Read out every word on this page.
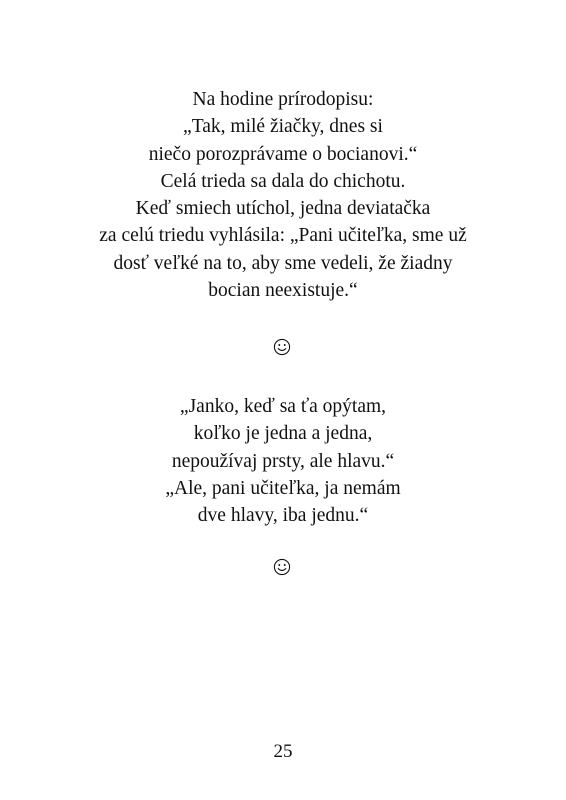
Na hodine prírodopisu:
„Tak, milé žiačky, dnes si
niečo porozprávame o bocianovi.“
Celá trieda sa dala do chichotu.
Keď smiech utíchol, jedna deviatačka
za celú triedu vyhlásila: „Pani učiteľka, sme už
dosť veľké na to, aby sme vedeli, že žiadny
bocian neexistuje.“
„Janko, keď sa ťa opýtam,
koľko je jedna a jedna,
nepoužívaj prsty, ale hlavu.“
„Ale, pani učiteľka, ja nemám
dve hlavy, iba jednu.“
25
